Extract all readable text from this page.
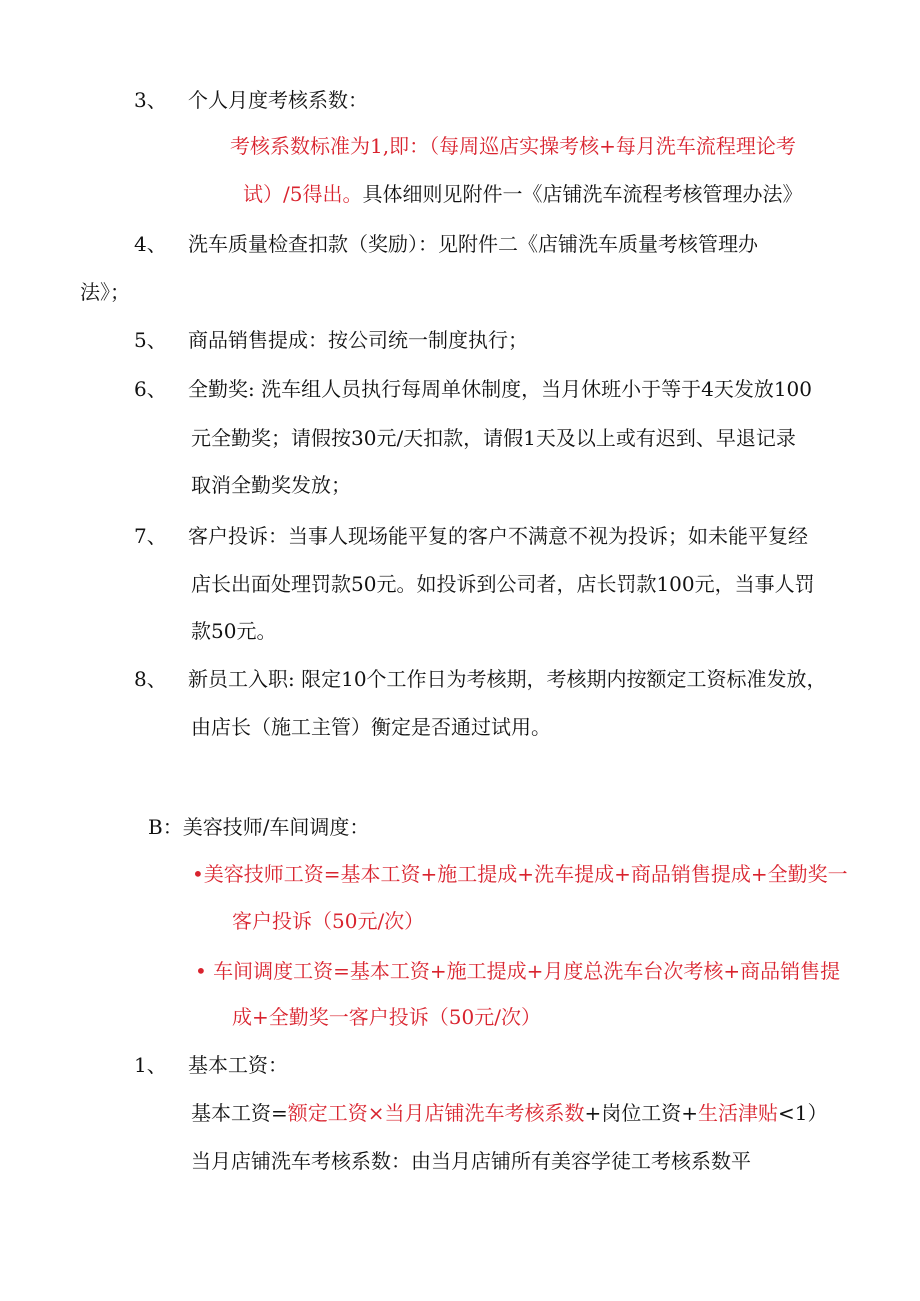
3、 个人月度考核系数：
考核系数标准为1,即：（每周巡店实操考核+每月洗车流程理论考
试）/5得出。具体细则见附件一《店铺洗车流程考核管理办法》
4、 洗车质量检查扣款（奖励）：见附件二《店铺洗车质量考核管理办
法》；
5、 商品销售提成：按公司统一制度执行；
6、 全勤奖: 洗车组人员执行每周单休制度，当月休班小于等于4天发放100
元全勤奖；请假按30元/天扣款，请假1天及以上或有迟到、早退记录
取消全勤奖发放；
7、 客户投诉：当事人现场能平复的客户不满意不视为投诉；如未能平复经
店长出面处理罚款50元。如投诉到公司者，店长罚款100元，当事人罚
款50元。
8、 新员工入职: 限定10个工作日为考核期，考核期内按额定工资标准发放，
由店长（施工主管）衡定是否通过试用。
B：美容技师/车间调度：
•美容技师工资=基本工资+施工提成+洗车提成+商品销售提成+全勤奖一
客户投诉（50元/次）
• 车间调度工资=基本工资+施工提成+月度总洗车台次考核+商品销售提
成+全勤奖一客户投诉（50元/次）
1、 基本工资：
基本工资=额定工资×当月店铺洗车考核系数+岗位工资+生活津贴<1）
当月店铺洗车考核系数：由当月店铺所有美容学徒工考核系数平
